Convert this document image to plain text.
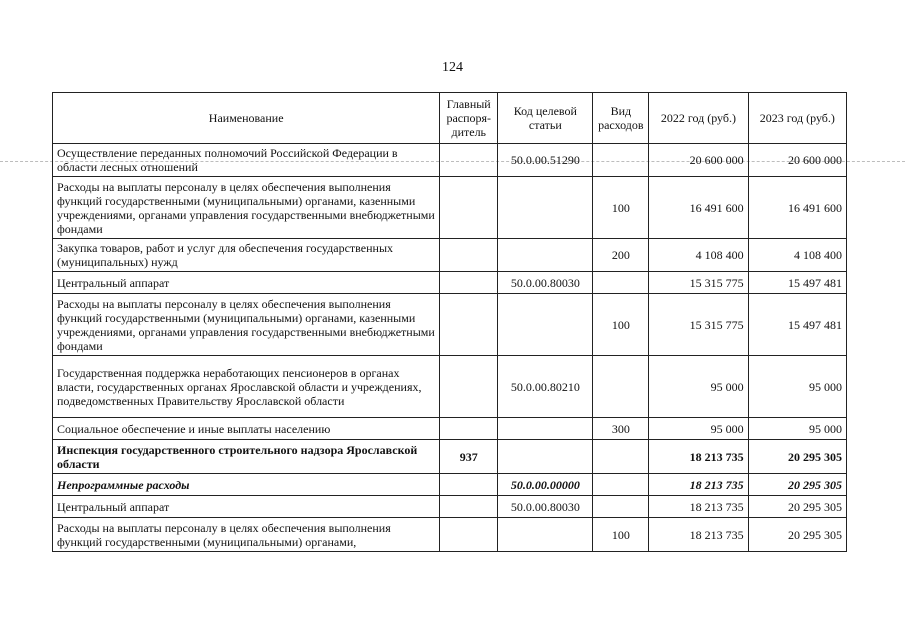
124
Наименование	Главный распоря-дитель	Код целевой статьи	Вид расходов	2022 год (руб.)	2023 год (руб.)
Осуществление переданных полномочий Российской Федерации в области лесных отношений		50.0.00.51290		20 600 000	20 600 000
Расходы на выплаты персоналу в целях обеспечения выполнения функций государственными (муниципальными) органами, казенными учреждениями, органами управления государственными внебюджетными фондами			100	16 491 600	16 491 600
Закупка товаров, работ и услуг для обеспечения государственных (муниципальных) нужд			200	4 108 400	4 108 400
Центральный аппарат		50.0.00.80030		15 315 775	15 497 481
Расходы на выплаты персоналу в целях обеспечения выполнения функций государственными (муниципальными) органами, казенными учреждениями, органами управления государственными внебюджетными фондами			100	15 315 775	15 497 481
Государственная поддержка неработающих пенсионеров в органах власти, государственных органах Ярославской области и учреждениях, подведомственных Правительству Ярославской области		50.0.00.80210		95 000	95 000
Социальное обеспечение и иные выплаты населению			300	95 000	95 000
Инспекция государственного строительного надзора Ярославской области	937			18 213 735	20 295 305
Непрограммные расходы		50.0.00.00000		18 213 735	20 295 305
Центральный аппарат		50.0.00.80030		18 213 735	20 295 305
Расходы на выплаты персоналу в целях обеспечения выполнения функций государственными (муниципальными) органами,			100	18 213 735	20 295 305
